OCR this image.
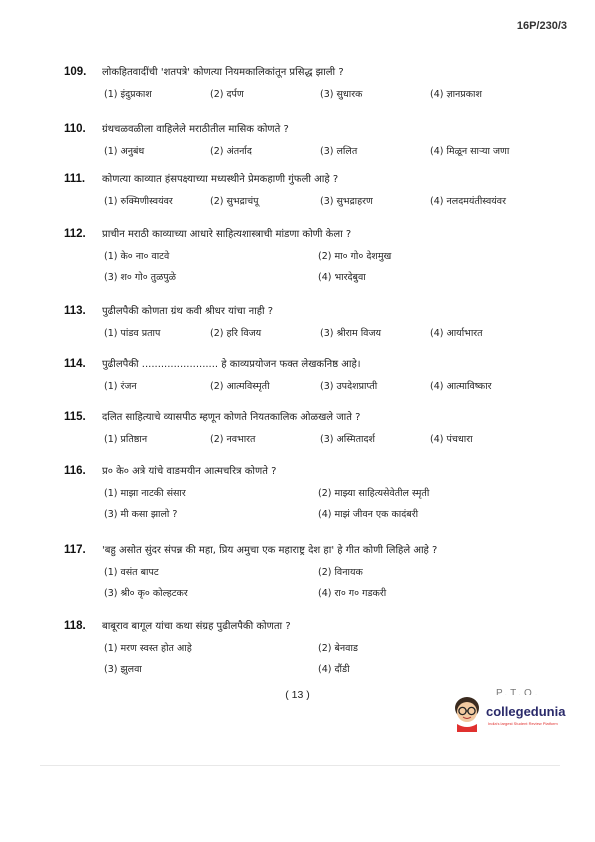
16P/230/3
109.	लोकहितवादींची 'शतपत्रे' कोणत्या नियमकालिकांतून प्रसिद्ध झाली ?
(1) इंदुप्रकाश	(2) दर्पण	(3) सुधारक	(4) ज्ञानप्रकाश
110.	ग्रंथचळवळीला वाहिलेले मराठीतील मासिक कोणते ?
(1) अनुबंध	(2) अंतर्नाद	(3) ललित	(4) मिळून साऱ्या जणा
111.	कोणत्या काव्यात हंसपक्ष्याच्या मध्यस्थीने प्रेमकहाणी गुंफली आहे ?
(1) रुक्मिणीस्वयंवर	(2) सुभद्राचंपू	(3) सुभद्राहरण	(4) नलदमयंतीस्वयंवर
112.	प्राचीन मराठी काव्याच्या आधारे साहित्यशास्त्राची मांडणा कोणी केला ?
(1) के० ना० वाटवे	(2) मा० गो० देशमुख
(3) श० गो० तुळपुळे	(4) भारदेबुवा
113.	पुढीलपैकी कोणता ग्रंथ कवी श्रीधर यांचा नाही ?
(1) पांडव प्रताप	(2) हरि विजय	(3) श्रीराम विजय	(4) आर्याभारत
114.	पुढीलपैकी ........................ हे काव्यप्रयोजन फक्त लेखकनिष्ठ आहे।
(1) रंजन	(2) आत्मविस्मृती	(3) उपदेशप्राप्ती	(4) आत्माविष्कार
115.	दलित साहित्याचे व्यासपीठ म्हणून कोणते नियतकालिक ओळखले जाते ?
(1) प्रतिष्ठान	(2) नवभारत	(3) अस्मितादर्श	(4) पंचधारा
116.	प्र० के० अत्रे यांचे वाङमयीन आत्मचरित्र कोणते ?
(1) माझा नाटकी संसार	(2) माझ्या साहित्यसेवेतील स्मृती
(3) मी कसा झालो ?	(4) माझं जीवन एक कादंबरी
117.	'बहु असोत सुंदर संपन्न की महा, प्रिय अमुचा एक महाराष्ट्र देश हा' हे गीत कोणी लिहिले आहे ?
(1) वसंत बापट	(2) विनायक
(3) श्री० कृ० कोल्हटकर	(4) रा० ग० गडकरी
118.	बाबूराव बागूल यांचा कथा संग्रह पुढीलपैकी कोणता ?
(1) मरण स्वस्त होत आहे	(2) बेनवाड
(3) झुलवा	(4) दौंडी
( 13 )	P.T.O.
collegedunia
India's largest Student Review Platform
